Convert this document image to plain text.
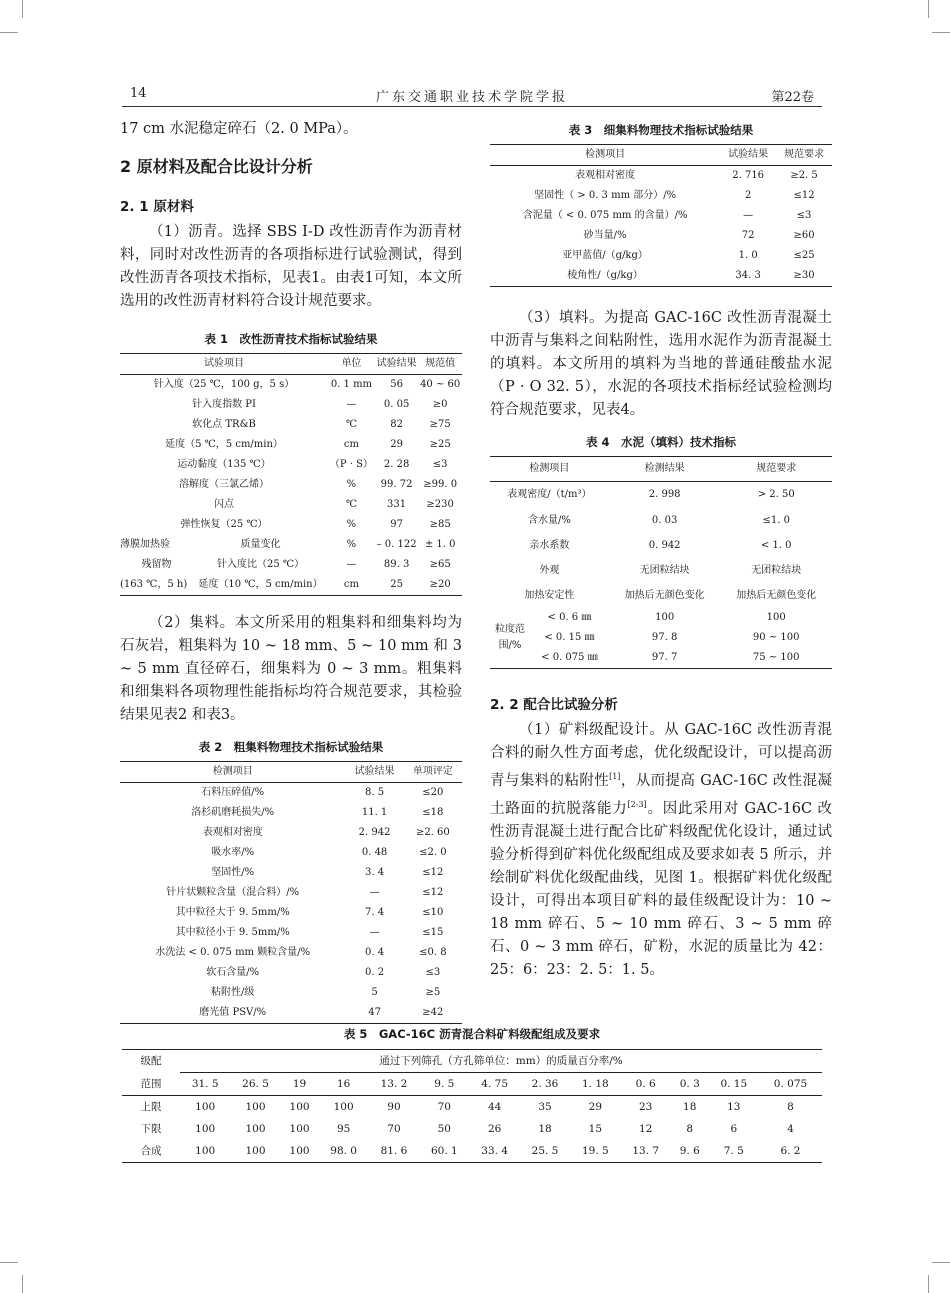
14	广东交通职业技术学院学报	第22卷

17 cm 水泥稳定碎石（2. 0 MPa）。

2 原材料及配合比设计分析
2. 1 原材料

（1）沥青。选择 SBS I-D 改性沥青作为沥青材料，同时对改性沥青的各项指标进行试验测试，得到改性沥青各项技术指标，见表1。由表1可知，本文所选用的改性沥青材料符合设计规范要求。

表 1　改性沥青技术指标试验结果
试验项目		单位	试验结果	规范值
针入度（25 ℃，100 g，5 s）		0. 1 mm	56	40 ~ 60
针入度指数 PI		—	0. 05	≥0
软化点 TR&B		℃	82	≥75
延度（5 ℃，5 cm/min）		cm	29	≥25
运动黏度（135 ℃）		（P · S）	2. 28	≤3
溶解度（三氯乙烯）		%	99. 72	≥99. 0
闪点		℃	331	≥230
弹性恢复（25 ℃）		%	97	≥85
薄膜加热验	质量变化	%	– 0. 122	± 1. 0
残留物	针入度比（25 ℃）	—	89. 3	≥65
(163 ℃，5 h)	延度（10 ℃，5 cm/min）	cm	25	≥20

（2）集料。本文所采用的粗集料和细集料均为石灰岩，粗集料为 10 ~ 18 mm、5 ~ 10 mm 和 3 ~ 5 mm 直径碎石，细集料为 0 ~ 3 mm。粗集料和细集料各项物理性能指标均符合规范要求，其检验结果见表2 和表3。

表 2　粗集料物理技术指标试验结果
检测项目	试验结果	单项评定
石料压碎值/%	8. 5	≤20
洛杉矶磨耗损失/%	11. 1	≤18
表观相对密度	2. 942	≥2. 60
吸水率/%	0. 48	≤2. 0
坚固性/%	3. 4	≤12
针片状颗粒含量（混合料）/%	—	≤12
其中粒径大于 9. 5mm/%	7. 4	≤10
其中粒径小于 9. 5mm/%	—	≤15
水洗法 < 0. 075 mm 颗粒含量/%	0. 4	≤0. 8
软石含量/%	0. 2	≤3
粘附性/级	5	≥5
磨光值 PSV/%	47	≥42
表 3　细集料物理技术指标试验结果
检测项目	试验结果	规范要求
表观相对密度	2. 716	≥2. 5
坚固性（ > 0. 3 mm 部分）/%	2	≤12
含泥量（ < 0. 075 mm 的含量）/%	—	≤3
砂当量/%	72	≥60
亚甲蓝值/（g/kg）	1. 0	≤25
棱角性/（g/kg）	34. 3	≥30

（3）填料。为提高 GAC-16C 改性沥青混凝土中沥青与集料之间粘附性，选用水泥作为沥青混凝土的填料。本文所用的填料为当地的普通硅酸盐水泥（P · O 32. 5），水泥的各项技术指标经试验检测均符合规范要求，见表4。

表 4　水泥（填料）技术指标
检测项目		检测结果	规范要求
表观密度/（t/m³）		2. 998	> 2. 50
含水量/%		0. 03	≤1. 0
亲水系数		0. 942	< 1. 0
外观		无团粒结块	无团粒结块
加热安定性		加热后无颜色变化	加热后无颜色变化
粒度范围/%	< 0. 6 ㎜	100	100
	< 0. 15 ㎜	97. 8	90 ~ 100
	< 0. 075 ㎜	97. 7	75 ~ 100
2. 2 配合比试验分析

（1）矿料级配设计。从 GAC-16C 改性沥青混合料的耐久性方面考虑，优化级配设计，可以提高沥青与集料的粘附性[1]，从而提高 GAC-16C 改性混凝土路面的抗脱落能力[2-3]。因此采用对 GAC-16C 改性沥青混凝土进行配合比矿料级配优化设计，通过试验分析得到矿料优化级配组成及要求如表 5 所示，并绘制矿料优化级配曲线，见图 1。根据矿料优化级配设计，可得出本项目矿料的最佳级配设计为：10 ~ 18 mm 碎石、5 ~ 10 mm 碎石、3 ~ 5 mm 碎石、0 ~ 3 mm 碎石，矿粉，水泥的质量比为 42：25：6：23：2. 5：1. 5。

表 5　GAC-16C 沥青混合料矿料级配组成及要求
级配	通过下列筛孔（方孔筛单位：mm）的质量百分率/%												
范围	31. 5	26. 5	19	16	13. 2	9. 5	4. 75	2. 36	1. 18	0. 6	0. 3	0. 15	0. 075
上限	100	100	100	100	90	70	44	35	29	23	18	13	8
下限	100	100	100	95	70	50	26	18	15	12	8	6	4
合成	100	100	100	98. 0	81. 6	60. 1	33. 4	25. 5	19. 5	13. 7	9. 6	7. 5	6. 2
